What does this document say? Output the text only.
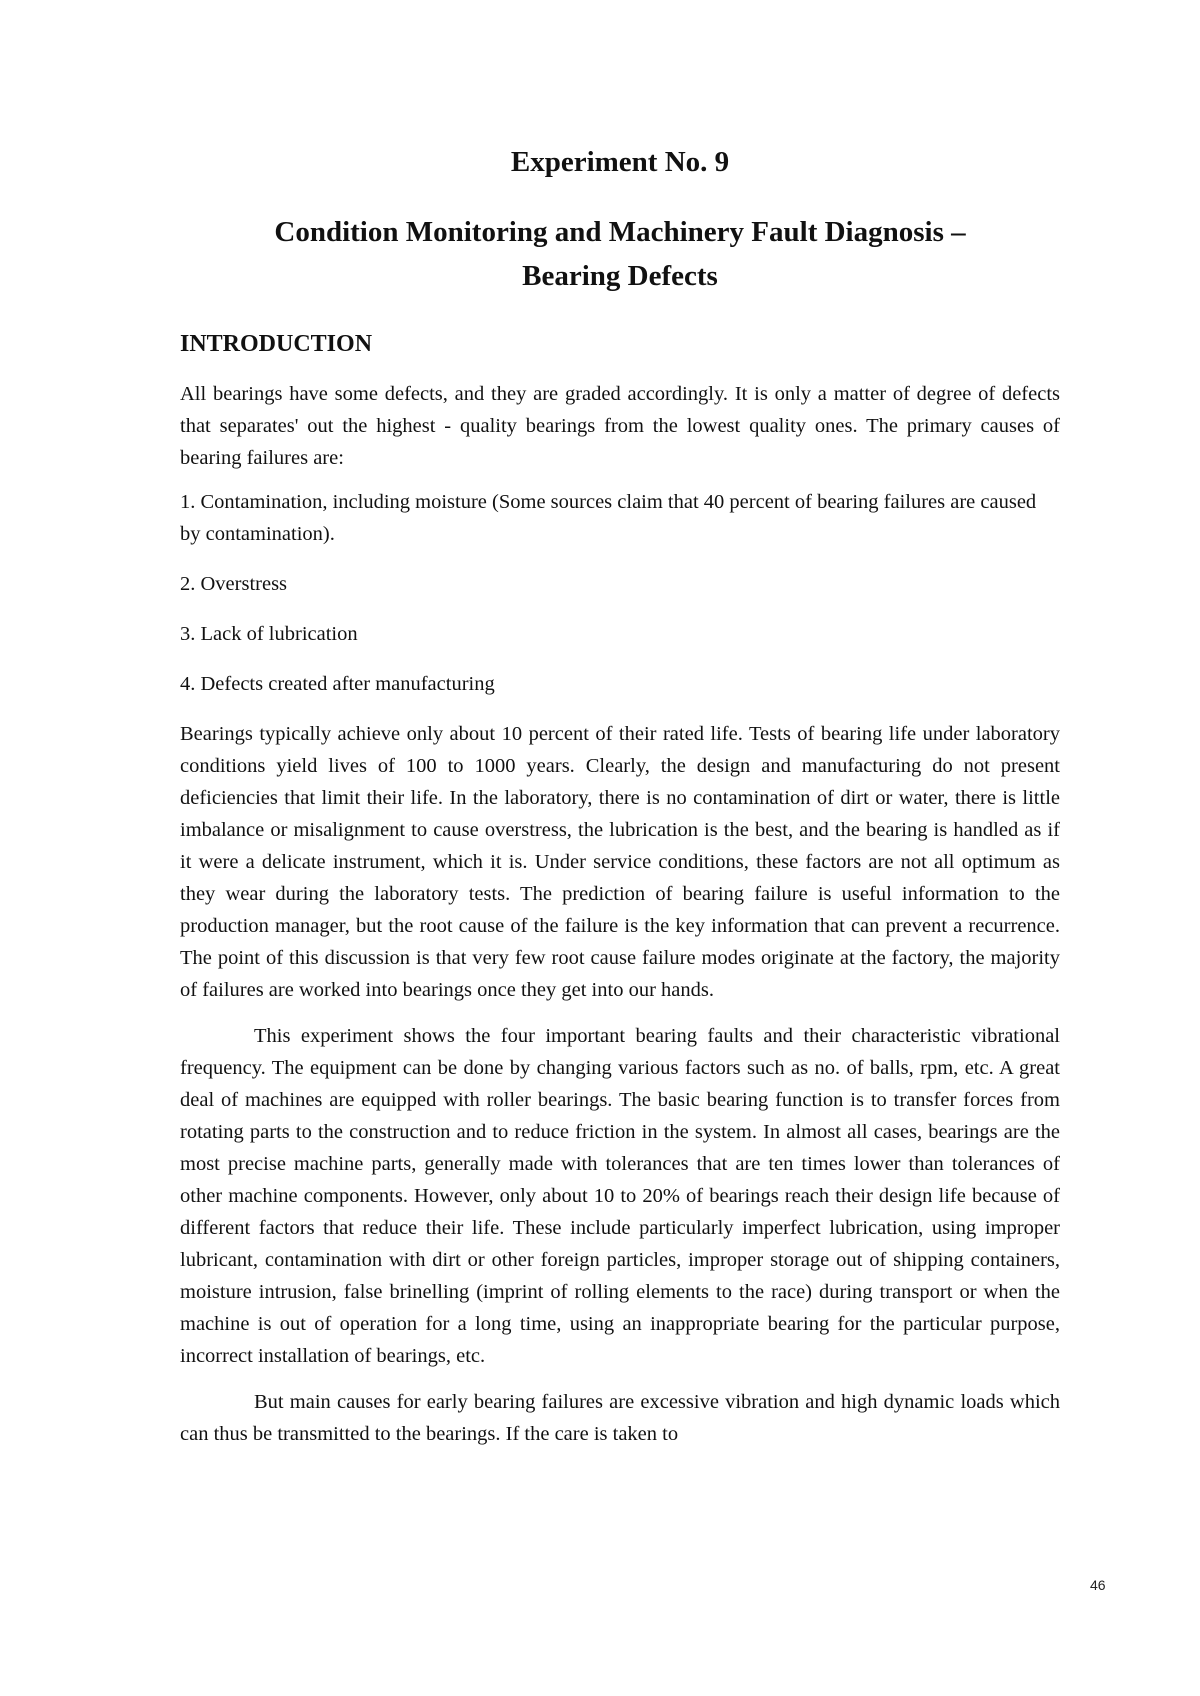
Experiment No. 9
Condition Monitoring and Machinery Fault Diagnosis –
Bearing Defects
INTRODUCTION

All bearings have some defects, and they are graded accordingly. It is only a matter of degree of defects that separates' out the highest - quality bearings from the lowest quality ones. The primary causes of bearing failures are:

1. Contamination, including moisture (Some sources claim that 40 percent of bearing failures are caused by contamination).

2. Overstress

3. Lack of lubrication

4. Defects created after manufacturing

Bearings typically achieve only about 10 percent of their rated life. Tests of bearing life under laboratory conditions yield lives of 100 to 1000 years. Clearly, the design and manufacturing do not present deficiencies that limit their life. In the laboratory, there is no contamination of dirt or water, there is little imbalance or misalignment to cause overstress, the lubrication is the best, and the bearing is handled as if it were a delicate instrument, which it is. Under service conditions, these factors are not all optimum as they wear during the laboratory tests. The prediction of bearing failure is useful information to the production manager, but the root cause of the failure is the key information that can prevent a recurrence. The point of this discussion is that very few root cause failure modes originate at the factory, the majority of failures are worked into bearings once they get into our hands.

This experiment shows the four important bearing faults and their characteristic vibrational frequency. The equipment can be done by changing various factors such as no. of balls, rpm, etc. A great deal of machines are equipped with roller bearings. The basic bearing function is to transfer forces from rotating parts to the construction and to reduce friction in the system. In almost all cases, bearings are the most precise machine parts, generally made with tolerances that are ten times lower than tolerances of other machine components. However, only about 10 to 20% of bearings reach their design life because of different factors that reduce their life. These include particularly imperfect lubrication, using improper lubricant, contamination with dirt or other foreign particles, improper storage out of shipping containers, moisture intrusion, false brinelling (imprint of rolling elements to the race) during transport or when the machine is out of operation for a long time, using an inappropriate bearing for the particular purpose, incorrect installation of bearings, etc.

But main causes for early bearing failures are excessive vibration and high dynamic loads which can thus be transmitted to the bearings. If the care is taken to

46
